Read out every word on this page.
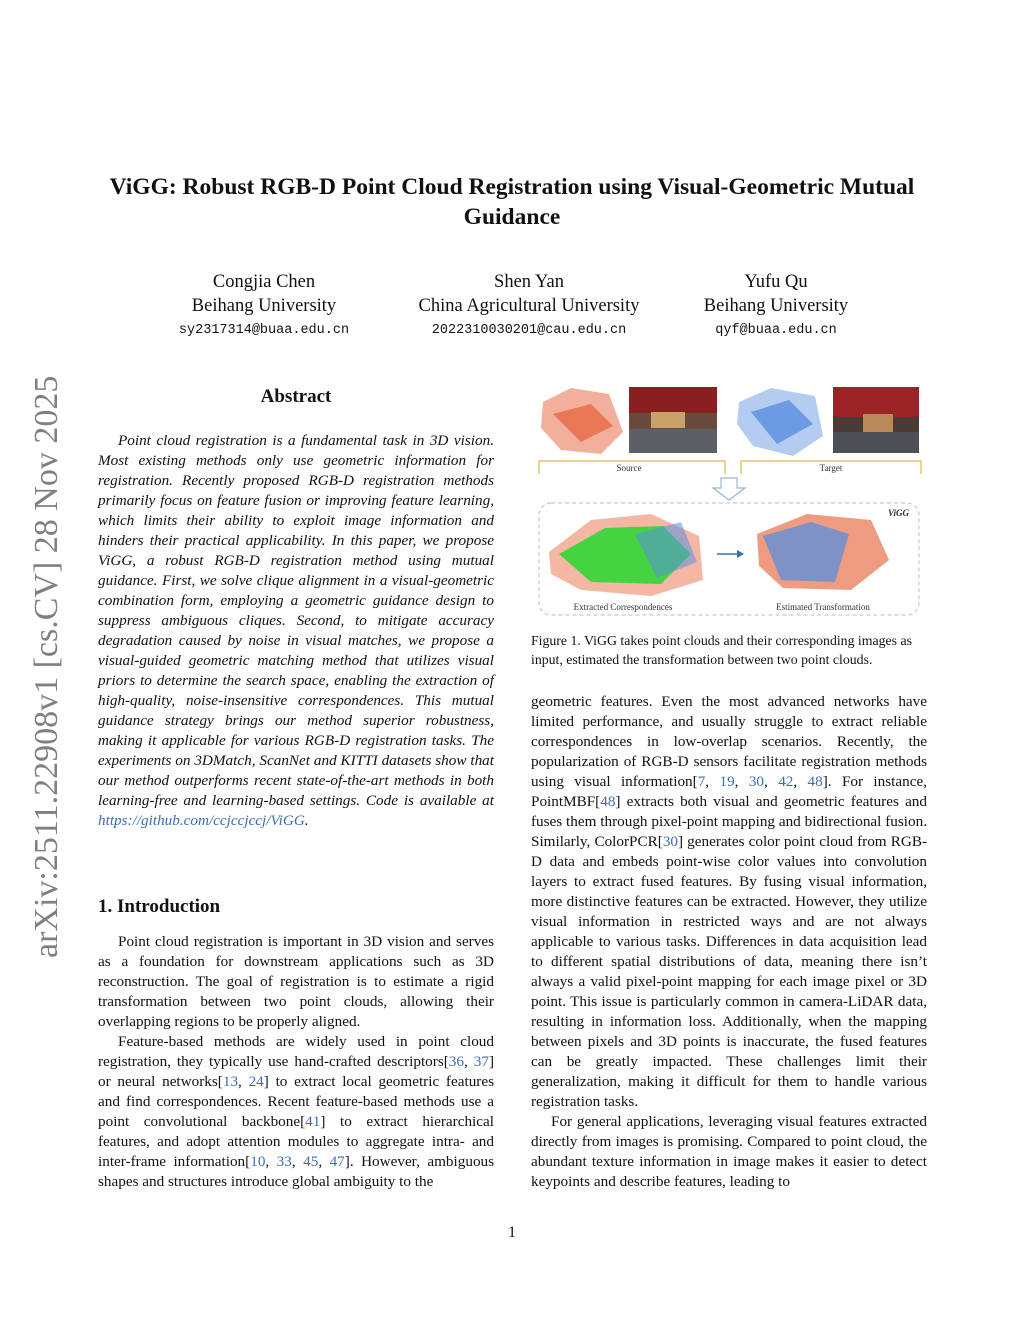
arXiv:2511.22908v1 [cs.CV] 28 Nov 2025
ViGG: Robust RGB-D Point Cloud Registration using Visual-Geometric Mutual Guidance
Congjia Chen
Beihang University
sy2317314@buaa.edu.cn
Shen Yan
China Agricultural University
2022310030201@cau.edu.cn
Yufu Qu
Beihang University
qyf@buaa.edu.cn
Abstract

Point cloud registration is a fundamental task in 3D vision. Most existing methods only use geometric information for registration. Recently proposed RGB-D registration methods primarily focus on feature fusion or improving feature learning, which limits their ability to exploit image information and hinders their practical applicability. In this paper, we propose ViGG, a robust RGB-D registration method using mutual guidance. First, we solve clique alignment in a visual-geometric combination form, employing a geometric guidance design to suppress ambiguous cliques. Second, to mitigate accuracy degradation caused by noise in visual matches, we propose a visual-guided geometric matching method that utilizes visual priors to determine the search space, enabling the extraction of high-quality, noise-insensitive correspondences. This mutual guidance strategy brings our method superior robustness, making it applicable for various RGB-D registration tasks. The experiments on 3DMatch, ScanNet and KITTI datasets show that our method outperforms recent state-of-the-art methods in both learning-free and learning-based settings. Code is available at https://github.com/ccjccjccj/ViGG.

1. Introduction

Point cloud registration is important in 3D vision and serves as a foundation for downstream applications such as 3D reconstruction. The goal of registration is to estimate a rigid transformation between two point clouds, allowing their overlapping regions to be properly aligned.

Feature-based methods are widely used in point cloud registration, they typically use hand-crafted descriptors[36, 37] or neural networks[13, 24] to extract local geometric features and find correspondences. Recent feature-based methods use a point convolutional backbone[41] to extract hierarchical features, and adopt attention modules to aggregate intra- and inter-frame information[10, 33, 45, 47]. However, ambiguous shapes and structures introduce global ambiguity to the

Source	Target
ViGG
Extracted Correspondences	Estimated Transformation
Figure 1. ViGG takes point clouds and their corresponding images as input, estimated the transformation between two point clouds.

geometric features. Even the most advanced networks have limited performance, and usually struggle to extract reliable correspondences in low-overlap scenarios. Recently, the popularization of RGB-D sensors facilitate registration methods using visual information[7, 19, 30, 42, 48]. For instance, PointMBF[48] extracts both visual and geometric features and fuses them through pixel-point mapping and bidirectional fusion. Similarly, ColorPCR[30] generates color point cloud from RGB-D data and embeds point-wise color values into convolution layers to extract fused features. By fusing visual information, more distinctive features can be extracted. However, they utilize visual information in restricted ways and are not always applicable to various tasks. Differences in data acquisition lead to different spatial distributions of data, meaning there isn’t always a valid pixel-point mapping for each image pixel or 3D point. This issue is particularly common in camera-LiDAR data, resulting in information loss. Additionally, when the mapping between pixels and 3D points is inaccurate, the fused features can be greatly impacted. These challenges limit their generalization, making it difficult for them to handle various registration tasks.

For general applications, leveraging visual features extracted directly from images is promising. Compared to point cloud, the abundant texture information in image makes it easier to detect keypoints and describe features, leading to

1
